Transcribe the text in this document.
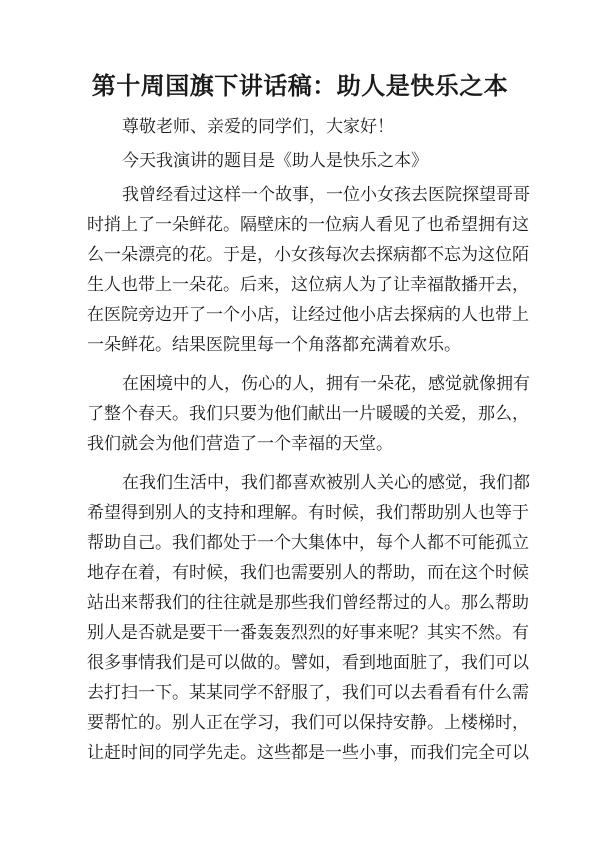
第十周国旗下讲话稿：助人是快乐之本
尊敬老师、亲爱的同学们，大家好！
今天我演讲的题目是《助人是快乐之本》
我曾经看过这样一个故事，一位小女孩去医院探望哥哥
时捎上了一朵鲜花。隔壁床的一位病人看见了也希望拥有这
么一朵漂亮的花。于是，小女孩每次去探病都不忘为这位陌
生人也带上一朵花。后来，这位病人为了让幸福散播开去，
在医院旁边开了一个小店，让经过他小店去探病的人也带上
一朵鲜花。结果医院里每一个角落都充满着欢乐。
在困境中的人，伤心的人，拥有一朵花，感觉就像拥有
了整个春天。我们只要为他们献出一片暖暖的关爱，那么，
我们就会为他们营造了一个幸福的天堂。
在我们生活中，我们都喜欢被别人关心的感觉，我们都
希望得到别人的支持和理解。有时候，我们帮助别人也等于
帮助自己。我们都处于一个大集体中，每个人都不可能孤立
地存在着，有时候，我们也需要别人的帮助，而在这个时候
站出来帮我们的往往就是那些我们曾经帮过的人。那么帮助
别人是否就是要干一番轰轰烈烈的好事来呢？其实不然。有
很多事情我们是可以做的。譬如，看到地面脏了，我们可以
去打扫一下。某某同学不舒服了，我们可以去看看有什么需
要帮忙的。别人正在学习，我们可以保持安静。上楼梯时，
让赶时间的同学先走。这些都是一些小事，而我们完全可以
